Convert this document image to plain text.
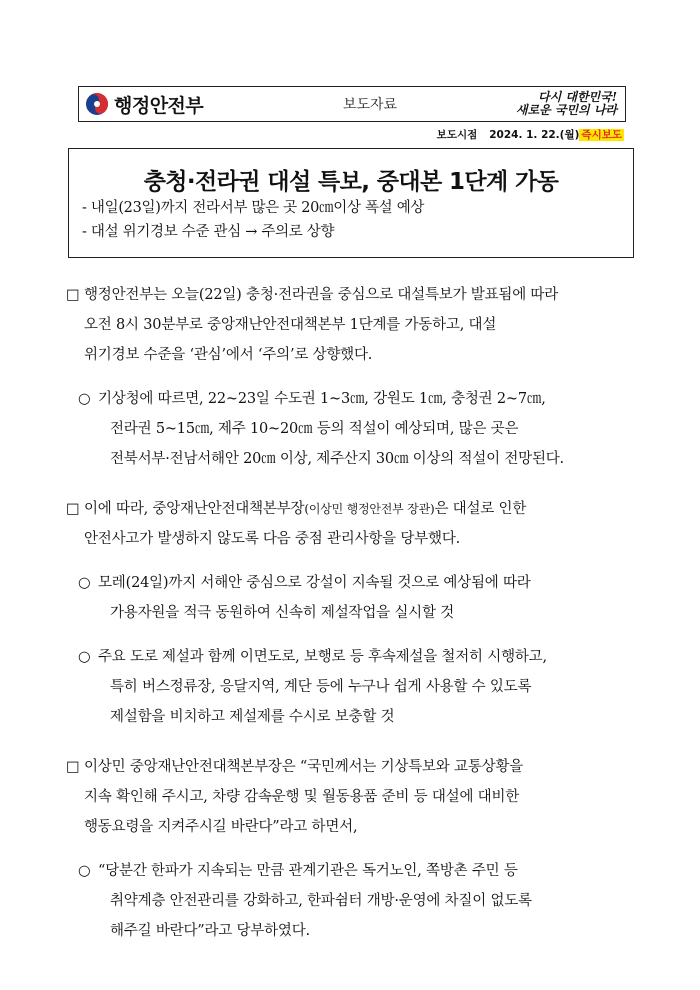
행정안전부	보도자료	다시 대한민국!
새로운 국민의 나라
보도시점 2024. 1. 22.(월) 즉시보도
충청·전라권 대설 특보, 중대본 1단계 가동
- 내일(23일)까지 전라서부 많은 곳 20㎝이상 폭설 예상
- 대설 위기경보 수준 관심 → 주의로 상향
□ 행정안전부는 오늘(22일) 충청·전라권을 중심으로 대설특보가 발표됨에 따라
오전 8시 30분부로 중앙재난안전대책본부 1단계를 가동하고, 대설
위기경보 수준을 ‘관심’에서 ‘주의’로 상향했다.
○ 기상청에 따르면, 22~23일 수도권 1~3㎝, 강원도 1㎝, 충청권 2~7㎝,
전라권 5~15㎝, 제주 10~20㎝ 등의 적설이 예상되며, 많은 곳은
전북서부·전남서해안 20㎝ 이상, 제주산지 30㎝ 이상의 적설이 전망된다.
□ 이에 따라, 중앙재난안전대책본부장(이상민 행정안전부 장관)은 대설로 인한
안전사고가 발생하지 않도록 다음 중점 관리사항을 당부했다.
○ 모레(24일)까지 서해안 중심으로 강설이 지속될 것으로 예상됨에 따라
가용자원을 적극 동원하여 신속히 제설작업을 실시할 것
○ 주요 도로 제설과 함께 이면도로, 보행로 등 후속제설을 철저히 시행하고,
특히 버스정류장, 응달지역, 계단 등에 누구나 쉽게 사용할 수 있도록
제설함을 비치하고 제설제를 수시로 보충할 것
□ 이상민 중앙재난안전대책본부장은 “국민께서는 기상특보와 교통상황을
지속 확인해 주시고, 차량 감속운행 및 월동용품 준비 등 대설에 대비한
행동요령을 지켜주시길 바란다”라고 하면서,
○ “당분간 한파가 지속되는 만큼 관계기관은 독거노인, 쪽방촌 주민 등
취약계층 안전관리를 강화하고, 한파쉼터 개방·운영에 차질이 없도록
해주길 바란다”라고 당부하였다.
